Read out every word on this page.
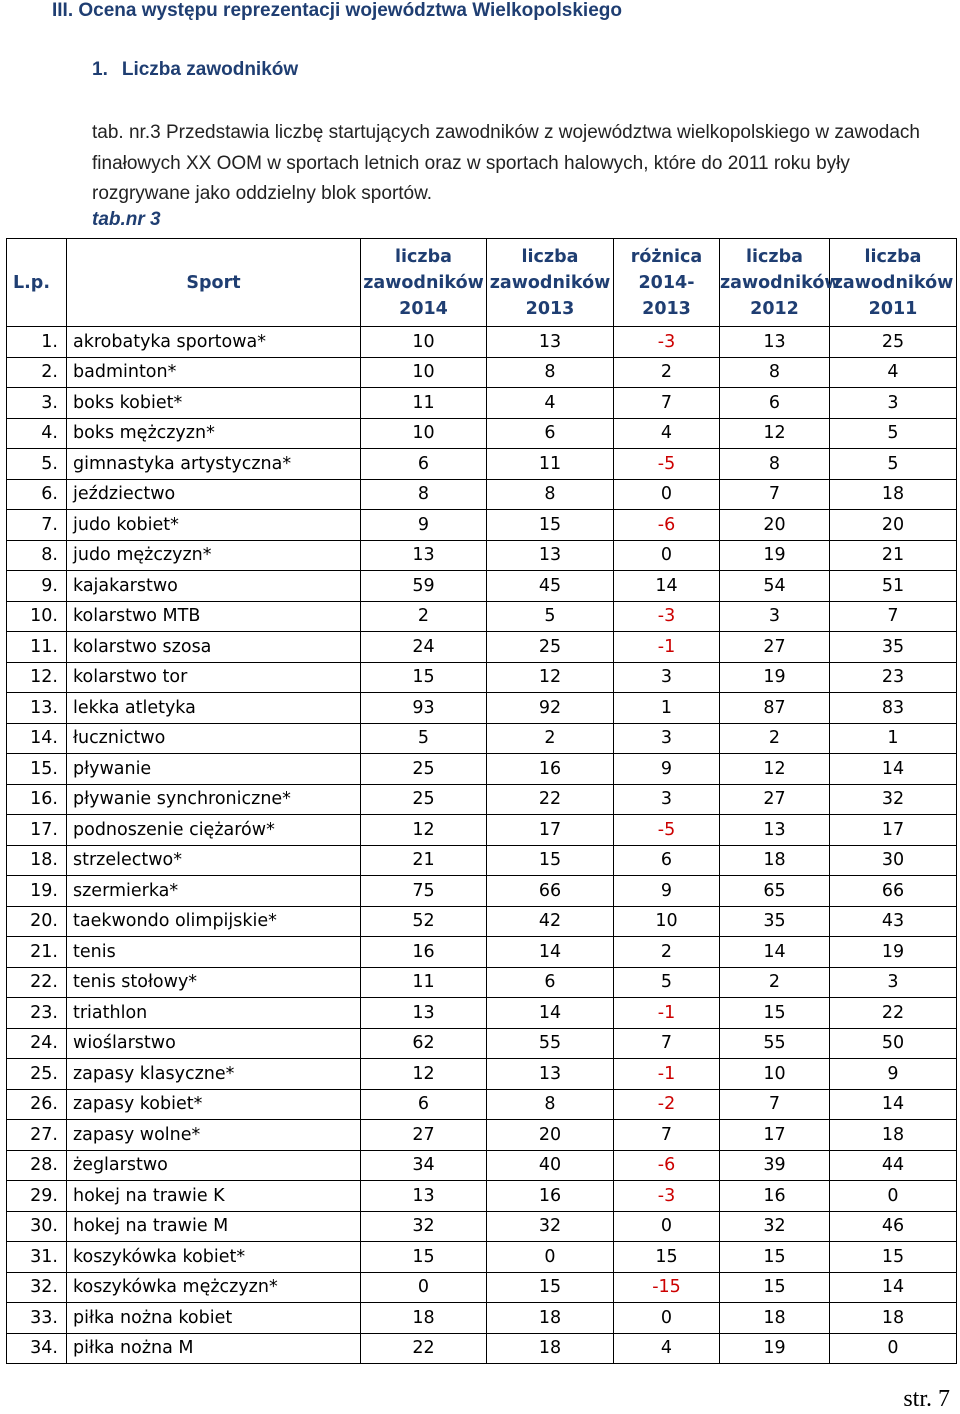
III. Ocena występu reprezentacji województwa Wielkopolskiego
1. Liczba zawodników

tab. nr.3 Przedstawia liczbę startujących zawodników z województwa wielkopolskiego w zawodach finałowych XX OOM w sportach letnich oraz w sportach halowych, które do 2011 roku były rozgrywane jako oddzielny blok sportów.

tab.nr 3
L.p.	Sport	liczba
zawodników
2014	liczba
zawodników
2013	różnica
2014-
2013	liczba
zawodników
2012	liczba
zawodników
2011
1.	akrobatyka sportowa*	10	13	-3	13	25
2.	badminton*	10	8	2	8	4
3.	boks kobiet*	11	4	7	6	3
4.	boks mężczyzn*	10	6	4	12	5
5.	gimnastyka artystyczna*	6	11	-5	8	5
6.	jeździectwo	8	8	0	7	18
7.	judo kobiet*	9	15	-6	20	20
8.	judo mężczyzn*	13	13	0	19	21
9.	kajakarstwo	59	45	14	54	51
10.	kolarstwo MTB	2	5	-3	3	7
11.	kolarstwo szosa	24	25	-1	27	35
12.	kolarstwo tor	15	12	3	19	23
13.	lekka atletyka	93	92	1	87	83
14.	łucznictwo	5	2	3	2	1
15.	pływanie	25	16	9	12	14
16.	pływanie synchroniczne*	25	22	3	27	32
17.	podnoszenie ciężarów*	12	17	-5	13	17
18.	strzelectwo*	21	15	6	18	30
19.	szermierka*	75	66	9	65	66
20.	taekwondo olimpijskie*	52	42	10	35	43
21.	tenis	16	14	2	14	19
22.	tenis stołowy*	11	6	5	2	3
23.	triathlon	13	14	-1	15	22
24.	wioślarstwo	62	55	7	55	50
25.	zapasy klasyczne*	12	13	-1	10	9
26.	zapasy kobiet*	6	8	-2	7	14
27.	zapasy wolne*	27	20	7	17	18
28.	żeglarstwo	34	40	-6	39	44
29.	hokej na trawie K	13	16	-3	16	0
30.	hokej na trawie M	32	32	0	32	46
31.	koszykówka kobiet*	15	0	15	15	15
32.	koszykówka mężczyzn*	0	15	-15	15	14
33.	piłka nożna kobiet	18	18	0	18	18
34.	piłka nożna M	22	18	4	19	0
str. 7
